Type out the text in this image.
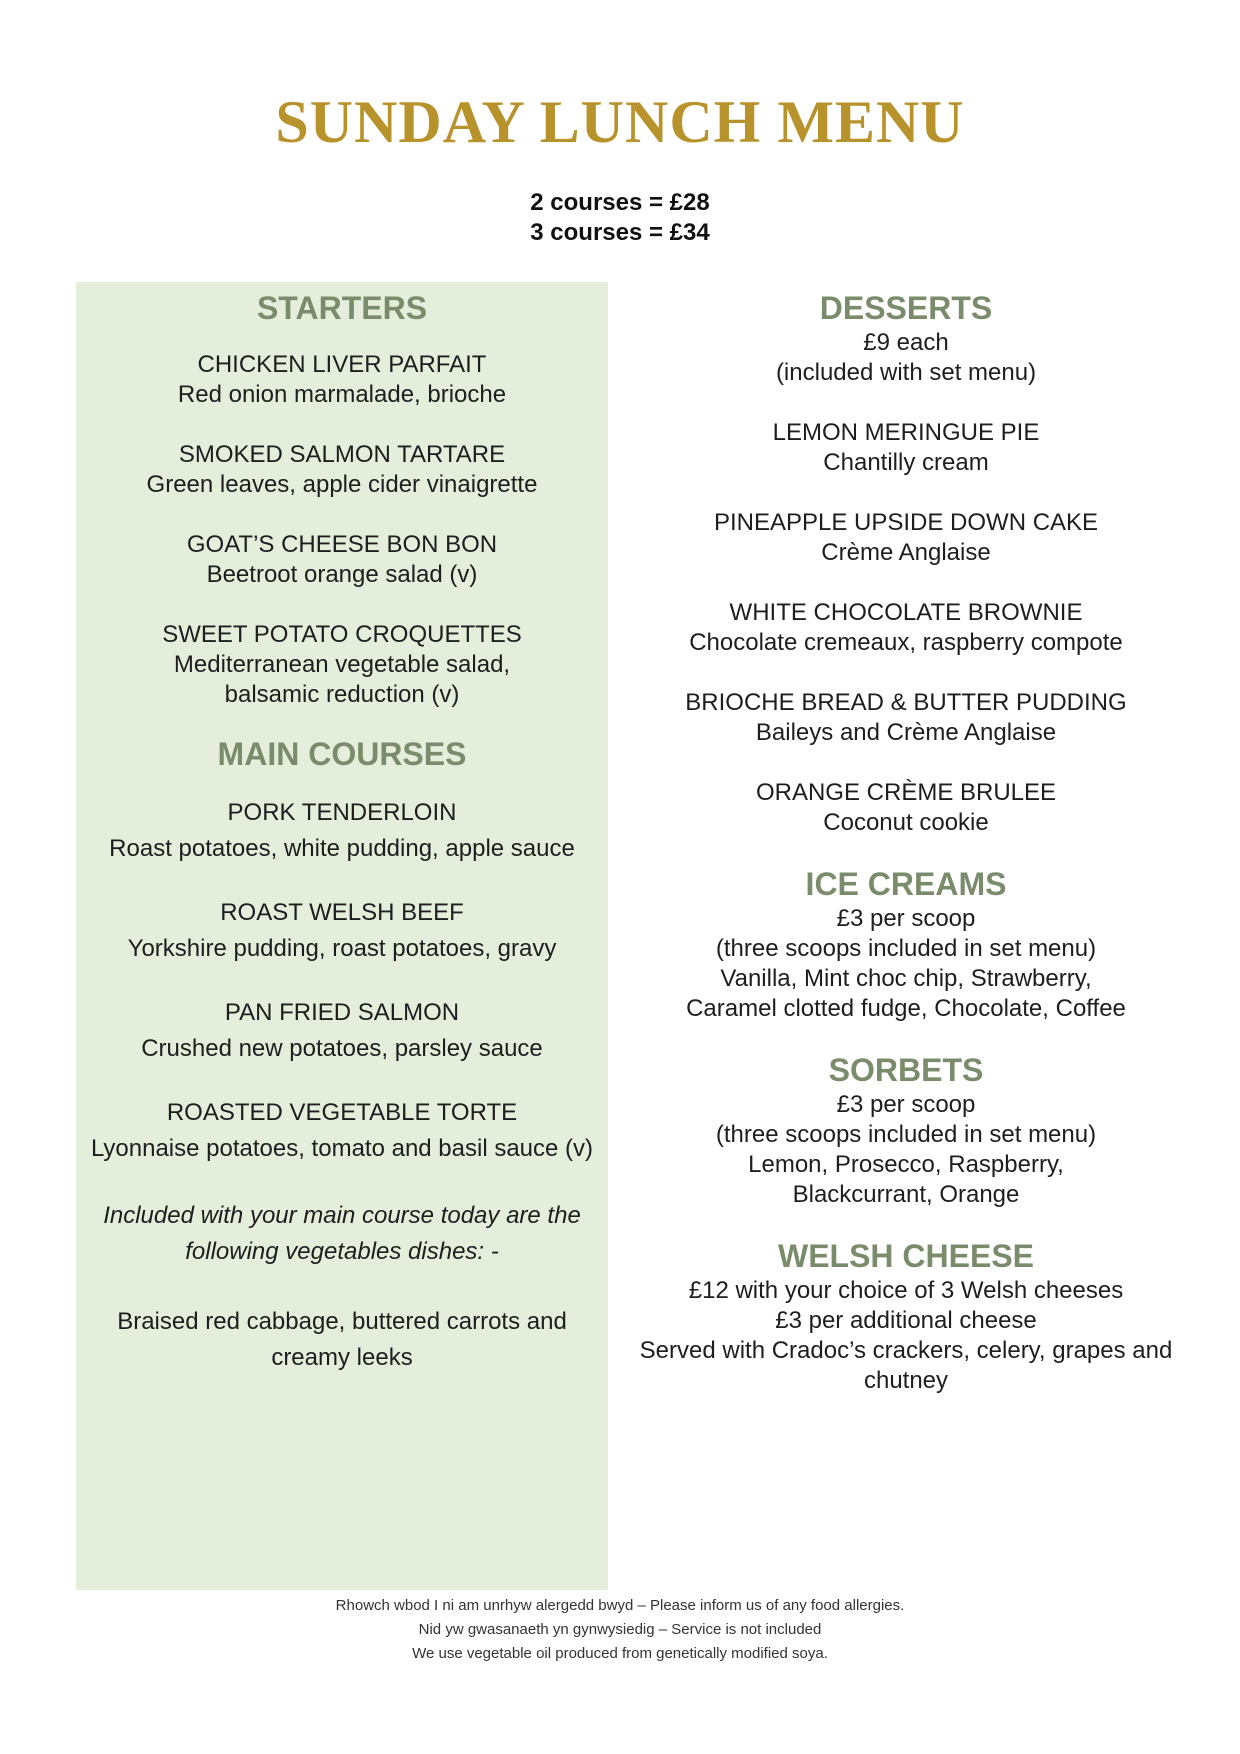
SUNDAY LUNCH MENU
2 courses = £28
3 courses = £34
STARTERS
CHICKEN LIVER PARFAIT
Red onion marmalade, brioche
SMOKED SALMON TARTARE
Green leaves, apple cider vinaigrette
GOAT’S CHEESE BON BON
Beetroot orange salad (v)
SWEET POTATO CROQUETTES
Mediterranean vegetable salad,
balsamic reduction (v)
MAIN COURSES
PORK TENDERLOIN
Roast potatoes, white pudding, apple sauce
ROAST WELSH BEEF
Yorkshire pudding, roast potatoes, gravy
PAN FRIED SALMON
Crushed new potatoes, parsley sauce
ROASTED VEGETABLE TORTE
Lyonnaise potatoes, tomato and basil sauce (v)
Included with your main course today are the
following vegetables dishes: -
Braised red cabbage, buttered carrots and
creamy leeks
DESSERTS
£9 each
(included with set menu)
LEMON MERINGUE PIE
Chantilly cream
PINEAPPLE UPSIDE DOWN CAKE
Crème Anglaise
WHITE CHOCOLATE BROWNIE
Chocolate cremeaux, raspberry compote
BRIOCHE BREAD & BUTTER PUDDING
Baileys and Crème Anglaise
ORANGE CRÈME BRULEE
Coconut cookie
ICE CREAMS
£3 per scoop
(three scoops included in set menu)
Vanilla, Mint choc chip, Strawberry,
Caramel clotted fudge, Chocolate, Coffee
SORBETS
£3 per scoop
(three scoops included in set menu)
Lemon, Prosecco, Raspberry,
Blackcurrant, Orange
WELSH CHEESE
£12 with your choice of 3 Welsh cheeses
£3 per additional cheese
Served with Cradoc’s crackers, celery, grapes and
chutney
Rhowch wbod I ni am unrhyw alergedd bwyd – Please inform us of any food allergies.
Nid yw gwasanaeth yn gynwysiedig – Service is not included
We use vegetable oil produced from genetically modified soya.
